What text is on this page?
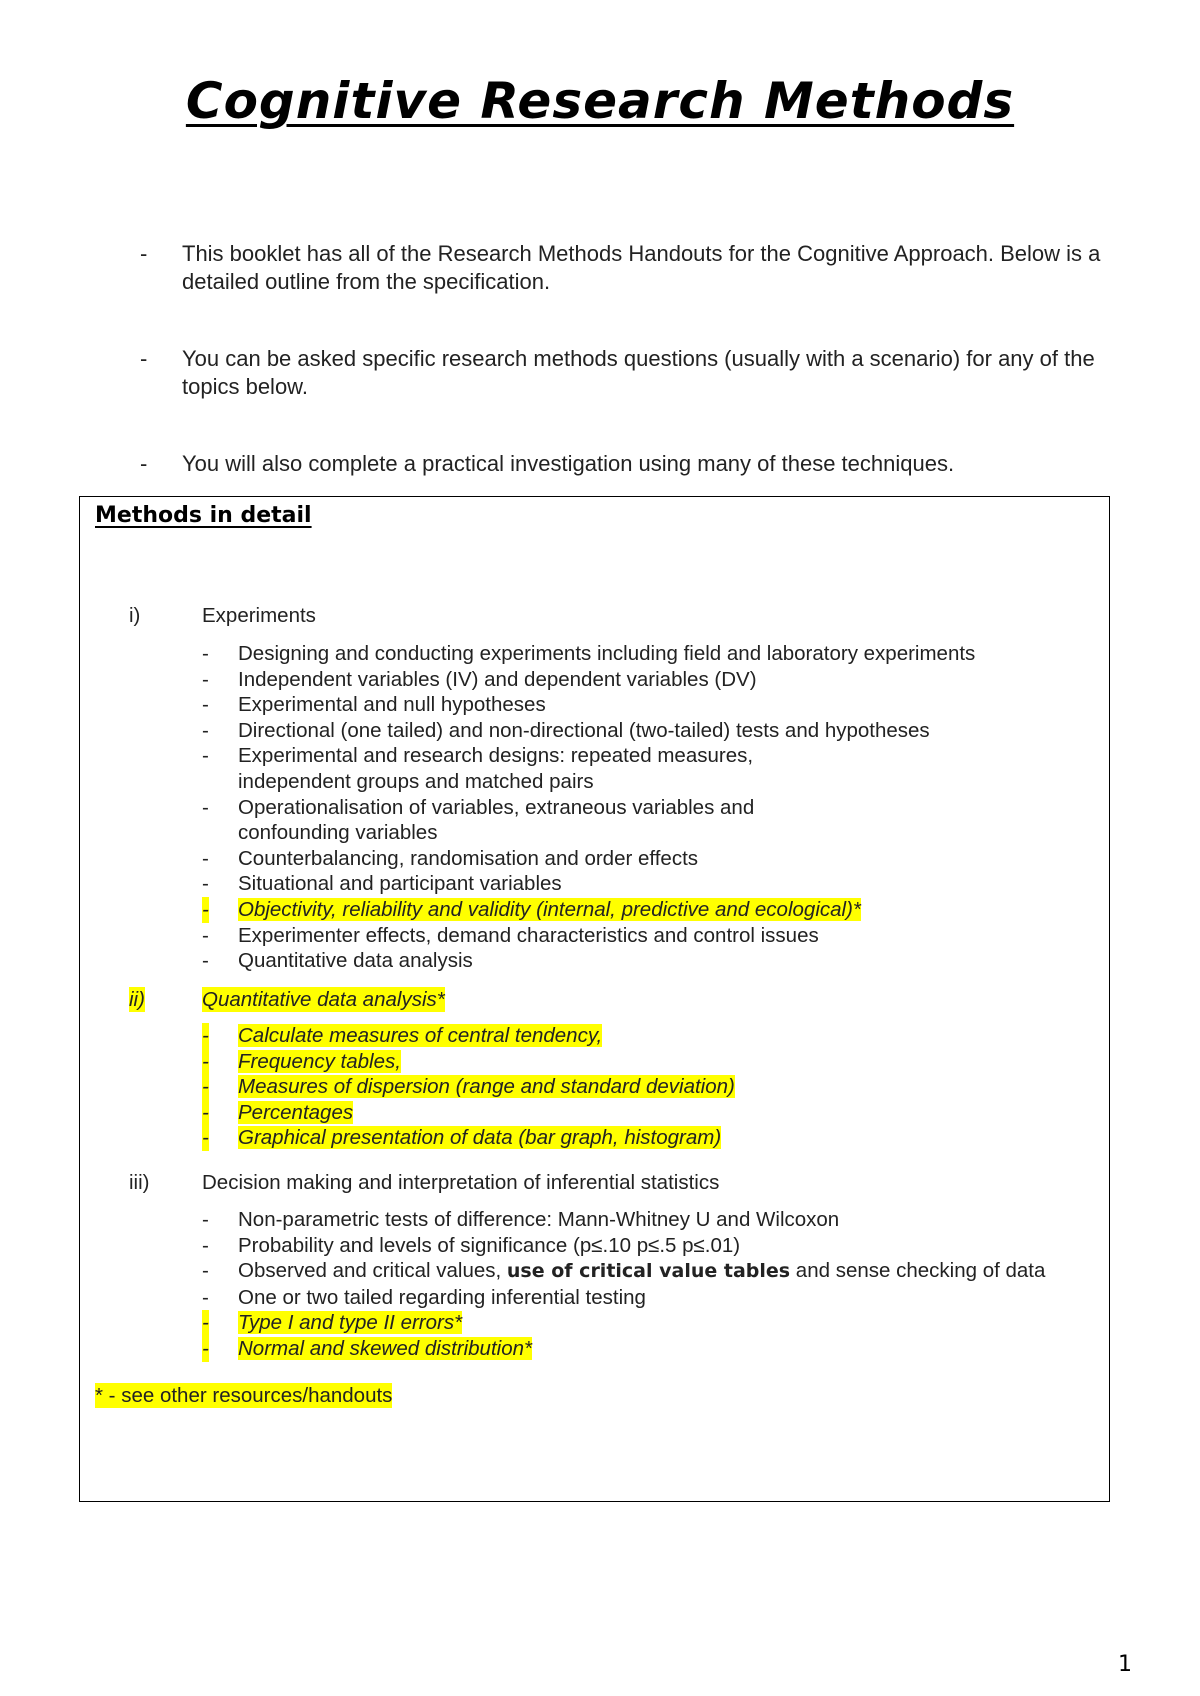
Cognitive Research Methods
- This booklet has all of the Research Methods Handouts for the Cognitive Approach. Below is a detailed outline from the specification.
- You can be asked specific research methods questions (usually with a scenario) for any of the topics below.
- You will also complete a practical investigation using many of these techniques.
Methods in detail
i)	Experiments
- Designing and conducting experiments including field and laboratory experiments
- Independent variables (IV) and dependent variables (DV)
- Experimental and null hypotheses
- Directional (one tailed) and non-directional (two-tailed) tests and hypotheses
- Experimental and research designs: repeated measures,
independent groups and matched pairs
- Operationalisation of variables, extraneous variables and
confounding variables
- Counterbalancing, randomisation and order effects
- Situational and participant variables
- Objectivity, reliability and validity (internal, predictive and ecological)*
- Experimenter effects, demand characteristics and control issues
- Quantitative data analysis
ii)	Quantitative data analysis*
- Calculate measures of central tendency,
- Frequency tables,
- Measures of dispersion (range and standard deviation)
- Percentages
- Graphical presentation of data (bar graph, histogram)
iii)	Decision making and interpretation of inferential statistics
- Non-parametric tests of difference: Mann-Whitney U and Wilcoxon
- Probability and levels of significance (p≤.10 p≤.5 p≤.01)
- Observed and critical values, use of critical value tables and sense checking of data
- One or two tailed regarding inferential testing
- Type I and type II errors*
- Normal and skewed distribution*
* - see other resources/handouts
1
